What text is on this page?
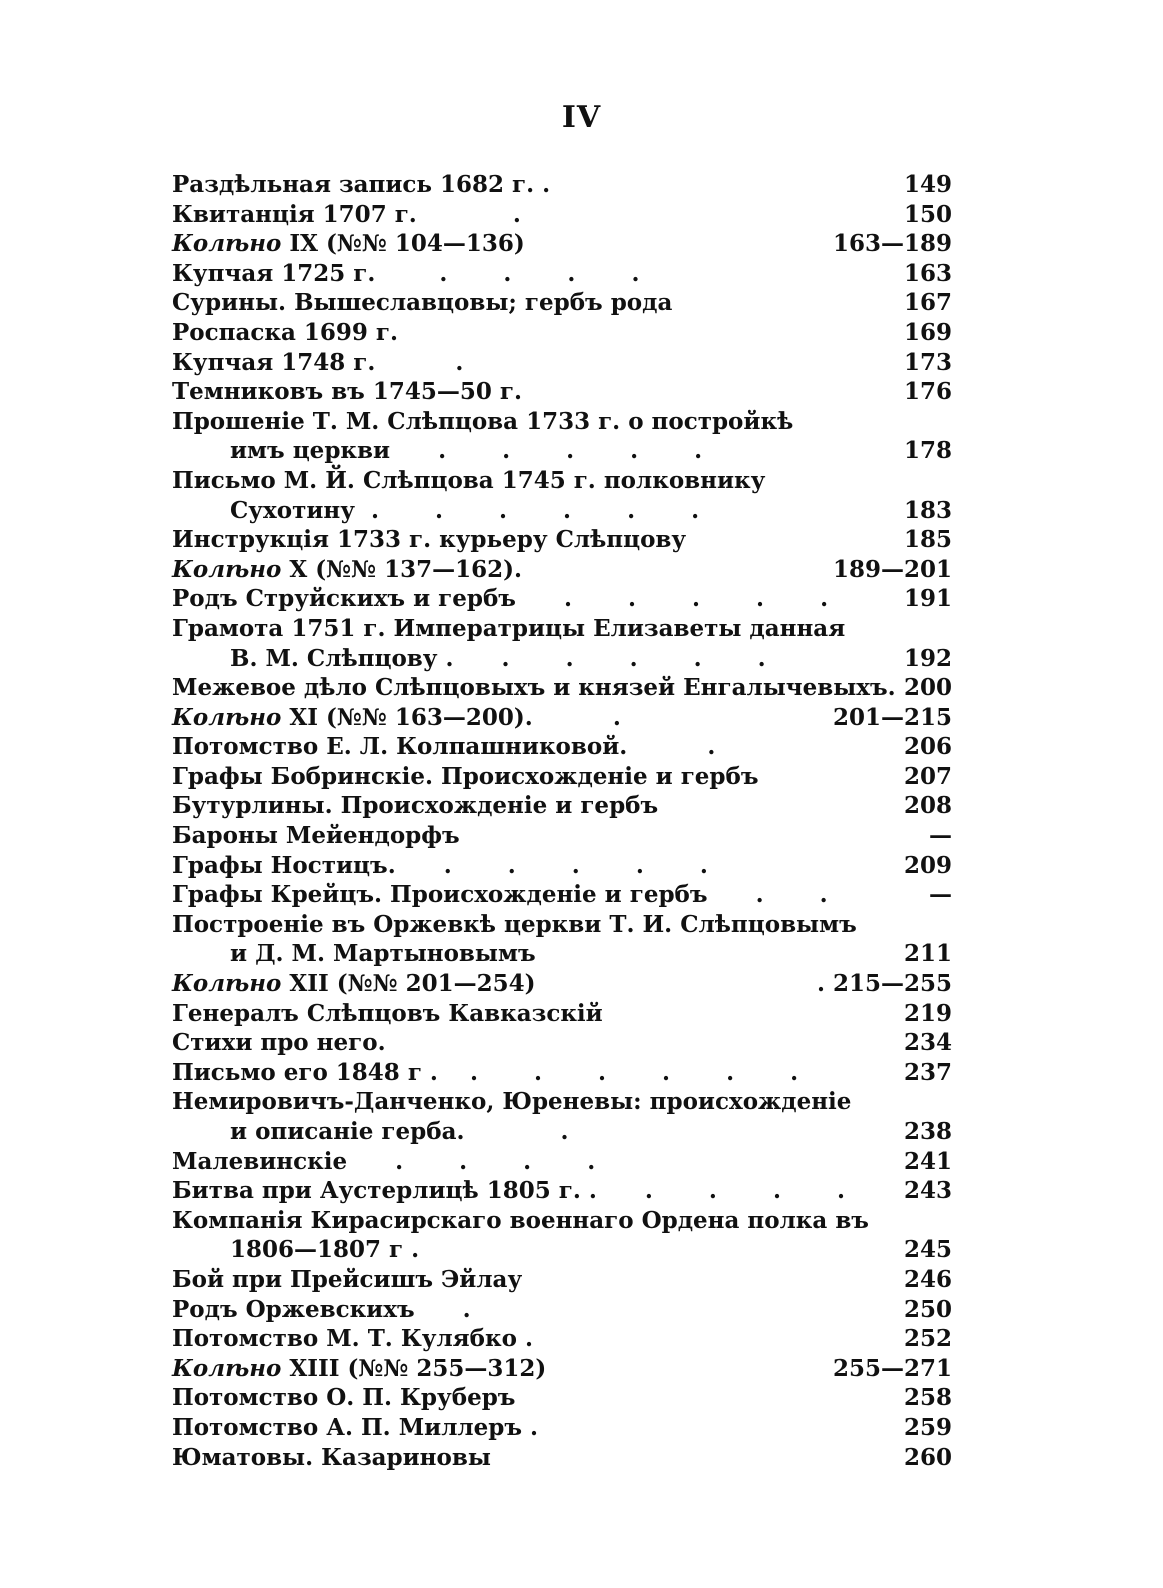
IV
Раздѣльная запись 1682 г. .	149
Квитанція 1707 г.      .	150
Колѣно IX (№№ 104—136)	163—189
Купчая 1725 г.    .   .   .   .	163
Сурины. Вышеславцовы; гербъ рода	167
Роспаска 1699 г.	169
Купчая 1748 г.     .	173
Темниковъ въ 1745—50 г.	176
Прошеніе Т. М. Слѣпцова 1733 г. о постройкѣ
имъ церкви   .   .   .   .   .	178
Письмо М. Й. Слѣпцова 1745 г. полковнику
Сухотину .   .   .   .   .   .	183
Инструкція 1733 г. курьеру Слѣпцову	185
Колѣно X (№№ 137—162).	189—201
Родъ Струйскихъ и гербъ   .   .   .   .   .	191
Грамота 1751 г. Императрицы Елизаветы данная
В. М. Слѣпцову .   .   .   .   .   .	192
Межевое дѣло Слѣпцовыхъ и князей Енгалычевыхъ. 200
Колѣно XI (№№ 163—200).     .	201—215
Потомство Е. Л. Колпашниковой.     .	206
Графы Бобринскіе. Происхожденіе и гербъ	207
Бутурлины. Происхожденіе и гербъ	208
Бароны Мейендорфъ	—
Графы Ностицъ.   .   .   .   .   .	209
Графы Крейцъ. Происхожденіе и гербъ   .   .	—
Построеніе въ Оржевкѣ церкви Т. И. Слѣпцовымъ
и Д. М. Мартыновымъ	211
Колѣно XII (№№ 201—254)	. 215—255
Генералъ Слѣпцовъ Кавказскій	219
Стихи про него.	234
Письмо его 1848 г .  .   .   .   .   .   .	237
Немировичъ-Данченко, Юреневы: происхожденіе
и описаніе герба.      .	238
Малевинскіе   .   .   .   .	241
Битва при Аустерлицѣ 1805 г. .   .   .   .   .	243
Компанія Кирасирскаго военнаго Ордена полка въ
1806—1807 г .	245
Бой при Прейсишъ Эйлау	246
Родъ Оржевскихъ   .	250
Потомство М. Т. Кулябко .	252
Колѣно XIII (№№ 255—312)	255—271
Потомство О. П. Круберъ	258
Потомство А. П. Миллеръ .	259
Юматовы. Казариновы	260
